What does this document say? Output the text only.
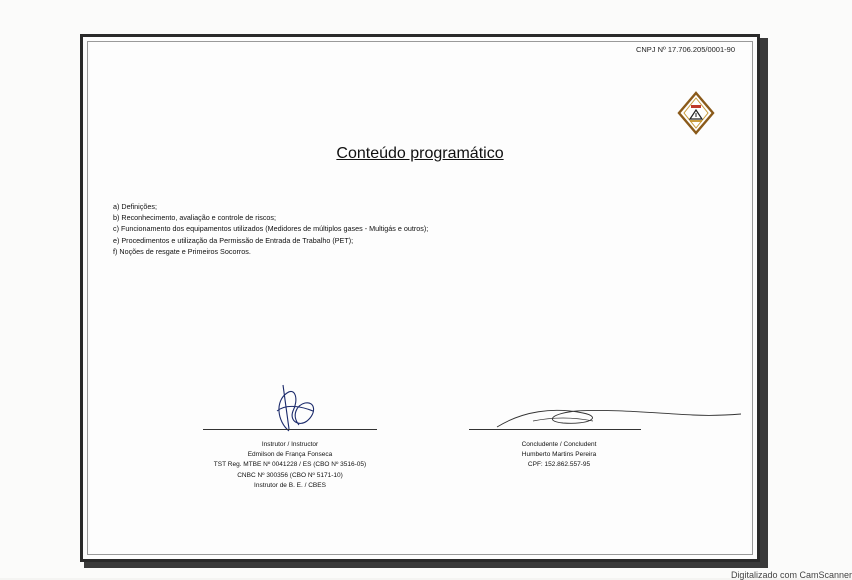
CNPJ Nº 17.706.205/0001-90
Conteúdo programático
a) Definições;
b) Reconhecimento, avaliação e controle de riscos;
c) Funcionamento dos equipamentos utilizados (Medidores de múltiplos gases - Multigás e outros);
e) Procedimentos e utilização da Permissão de Entrada de Trabalho (PET);
f) Noções de resgate e Primeiros Socorros.
Instrutor / Instructor
Edmilson de França Fonseca
TST Reg. MTBE Nº 0041228 / ES (CBO Nº 3516-05)
CNBC Nº 300356 (CBO Nº 5171-10)
Instrutor de B. E. / CBES
Concludente / Concludent
Humberto Martins Pereira
CPF: 152.862.557-95
Digitalizado com CamScanner
